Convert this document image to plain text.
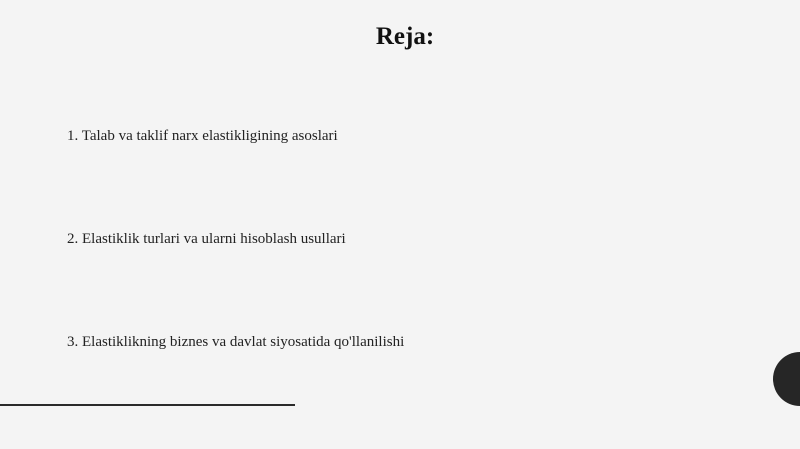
Reja:
1. Talab va taklif narx elastikligining asoslari
2. Elastiklik turlari va ularni hisoblash usullari
3. Elastiklikning biznes va davlat siyosatida qo'llanilishi
